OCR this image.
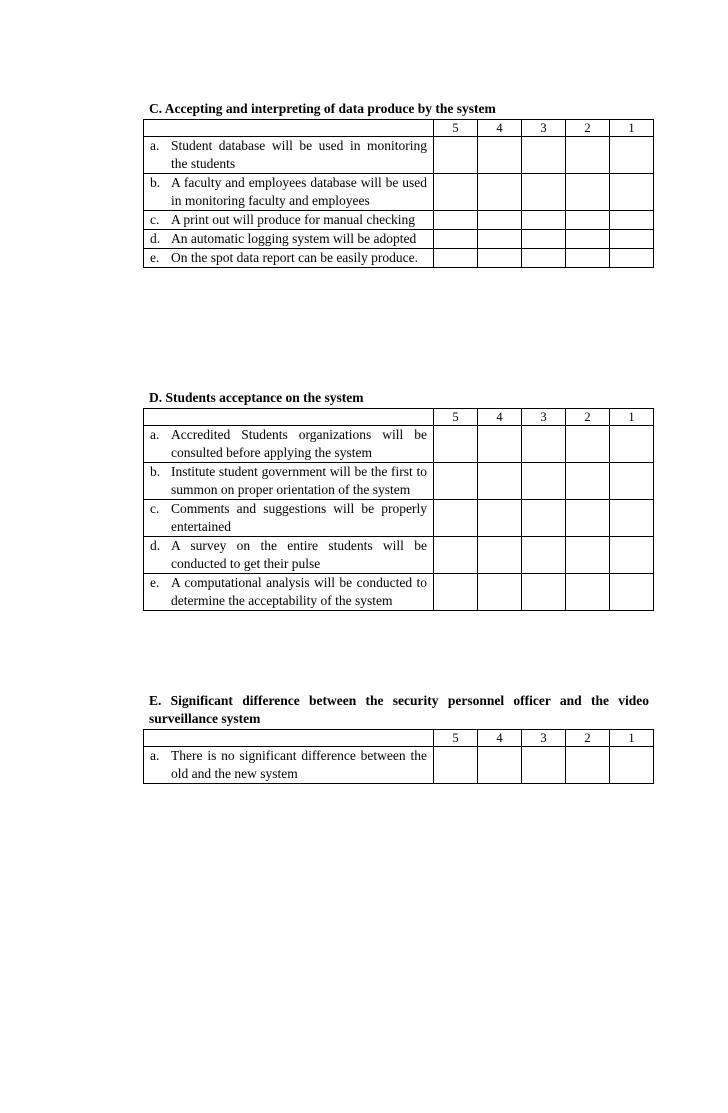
C. Accepting and interpreting of data produce by the system
	5	4	3	2	1

a. Student database will be used in monitoring the students					

b. A faculty and employees database will be used in monitoring faculty and employees					

c. A print out will produce for manual checking					

d. An automatic logging system will be adopted					

e. On the spot data report can be easily produce.					

D. Students acceptance on the system
	5	4	3	2	1

a. Accredited Students organizations will be consulted before applying the system					

b. Institute student government will be the first to summon on proper orientation of the system					

c. Comments and suggestions will be properly entertained					

d. A survey on the entire students will be conducted to get their pulse					

e. A computational analysis will be conducted to determine the acceptability of the system					

E. Significant difference between the security personnel officer and the video surveillance system
	5	4	3	2	1

a. There is no significant difference between the old and the new system					
